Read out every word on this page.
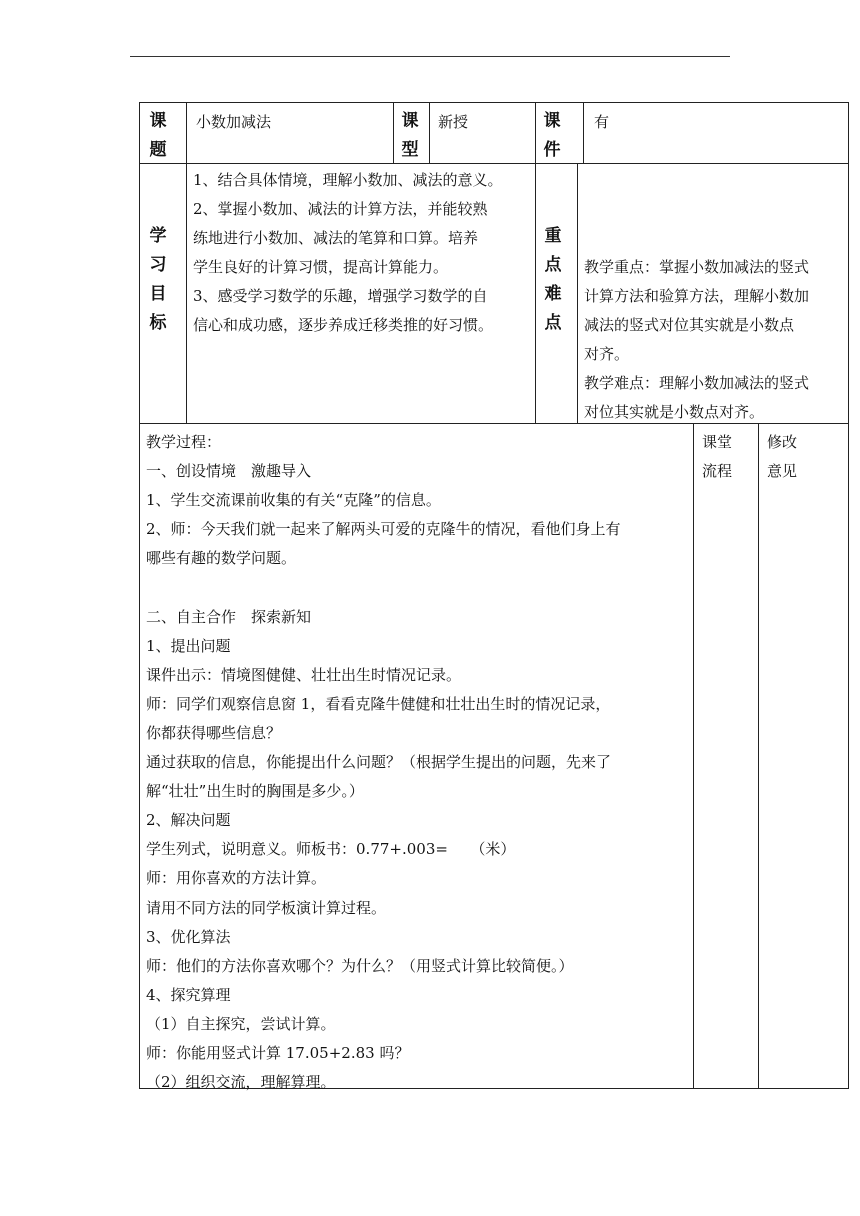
课
题
小数加减法	课
型
新授	课
件
有
学
习
目
标
1、结合具体情境，理解小数加、减法的意义。
2、掌握小数加、减法的计算方法，并能较熟
练地进行小数加、减法的笔算和口算。培养
学生良好的计算习惯，提高计算能力。
3、感受学习数学的乐趣，增强学习数学的自
信心和成功感，逐步养成迁移类推的好习惯。
重
点
难
点
教学重点：掌握小数加减法的竖式
计算方法和验算方法，理解小数加
减法的竖式对位其实就是小数点
对齐。
教学难点：理解小数加减法的竖式
对位其实就是小数点对齐。
教学过程：
一、创设情境　激趣导入
1、学生交流课前收集的有关“克隆”的信息。
2、师：今天我们就一起来了解两头可爱的克隆牛的情况，看他们身上有
哪些有趣的数学问题。
二、自主合作　探索新知
1、提出问题
课件出示：情境图健健、壮壮出生时情况记录。
师：同学们观察信息窗 1，看看克隆牛健健和壮壮出生时的情况记录，
你都获得哪些信息？
通过获取的信息，你能提出什么问题？（根据学生提出的问题，先来了
解“壮壮”出生时的胸围是多少。）
2、解决问题
学生列式，说明意义。师板书：0.77+.003=　　（米）
师：用你喜欢的方法计算。
请用不同方法的同学板演计算过程。
3、优化算法
师：他们的方法你喜欢哪个？为什么？（用竖式计算比较简便。）
4、探究算理
（1）自主探究，尝试计算。
师：你能用竖式计算 17.05+2.83 吗？
（2）组织交流，理解算理。
课堂
流程
修改
意见
